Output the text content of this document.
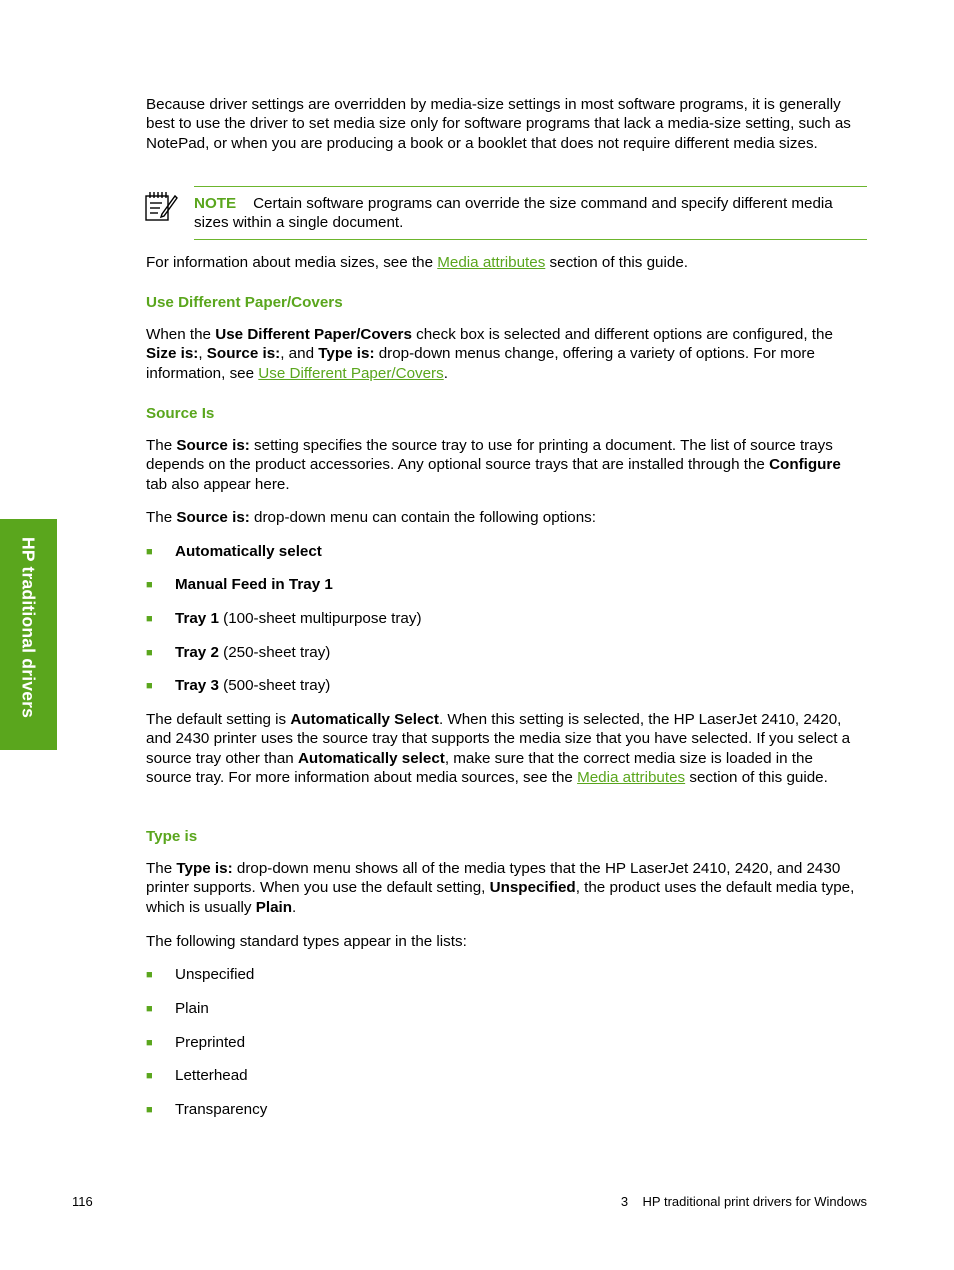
HP traditional drivers

Because driver settings are overridden by media-size settings in most software programs, it is generally best to use the driver to set media size only for software programs that lack a media-size setting, such as NotePad, or when you are producing a book or a booklet that does not require different media sizes.

NOTE Certain software programs can override the size command and specify different media sizes within a single document.

For information about media sizes, see the Media attributes section of this guide.

Use Different Paper/Covers

When the Use Different Paper/Covers check box is selected and different options are configured, the Size is:, Source is:, and Type is: drop-down menus change, offering a variety of options. For more information, see Use Different Paper/Covers.

Source Is

The Source is: setting specifies the source tray to use for printing a document. The list of source trays depends on the product accessories. Any optional source trays that are installed through the Configure tab also appear here.

The Source is: drop-down menu can contain the following options:

■ Automatically select
■ Manual Feed in Tray 1
■ Tray 1 (100-sheet multipurpose tray)
■ Tray 2 (250-sheet tray)
■ Tray 3 (500-sheet tray)

The default setting is Automatically Select. When this setting is selected, the HP LaserJet 2410, 2420, and 2430 printer uses the source tray that supports the media size that you have selected. If you select a source tray other than Automatically select, make sure that the correct media size is loaded in the source tray. For more information about media sources, see the Media attributes section of this guide.

Type is

The Type is: drop-down menu shows all of the media types that the HP LaserJet 2410, 2420, and 2430 printer supports. When you use the default setting, Unspecified, the product uses the default media type, which is usually Plain.

The following standard types appear in the lists:

■ Unspecified
■ Plain
■ Preprinted
■ Letterhead
■ Transparency
116	3    HP traditional print drivers for Windows
